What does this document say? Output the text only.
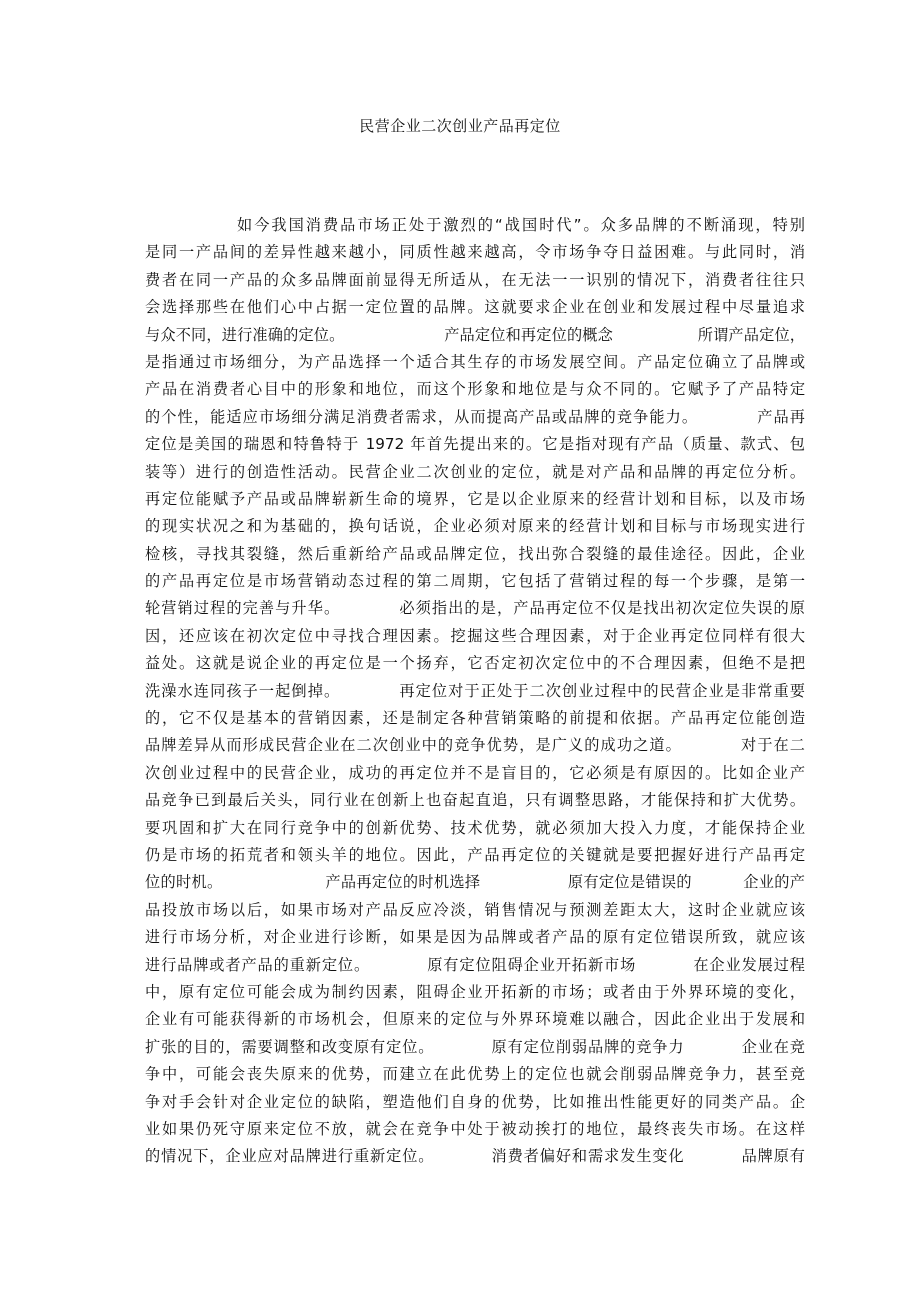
民营企业二次创业产品再定位
如今我国消费品市场正处于激烈的“战国时代”。众多品牌的不断涌现，特别
是同一产品间的差异性越来越小，同质性越来越高，令市场争夺日益困难。与此同时，消
费者在同一产品的众多品牌面前显得无所适从，在无法一一识别的情况下，消费者往往只
会选择那些在他们心中占据一定位置的品牌。这就要求企业在创业和发展过程中尽量追求
与众不同，进行准确的定位。                    产品定位和再定位的概念                 所谓产品定位，
是指通过市场细分，为产品选择一个适合其生存的市场发展空间。产品定位确立了品牌或
产品在消费者心目中的形象和地位，而这个形象和地位是与众不同的。它赋予了产品特定
的个性，能适应市场细分满足消费者需求，从而提高产品或品牌的竞争能力。          产品再
定位是美国的瑞恩和特鲁特于 1972 年首先提出来的。它是指对现有产品（质量、款式、包
装等）进行的创造性活动。民营企业二次创业的定位，就是对产品和品牌的再定位分析。
再定位能赋予产品或品牌崭新生命的境界，它是以企业原来的经营计划和目标，以及市场
的现实状况之和为基础的，换句话说，企业必须对原来的经营计划和目标与市场现实进行
检核，寻找其裂缝，然后重新给产品或品牌定位，找出弥合裂缝的最佳途径。因此，企业
的产品再定位是市场营销动态过程的第二周期，它包括了营销过程的每一个步骤，是第一
轮营销过程的完善与升华。          必须指出的是，产品再定位不仅是找出初次定位失误的原
因，还应该在初次定位中寻找合理因素。挖掘这些合理因素，对于企业再定位同样有很大
益处。这就是说企业的再定位是一个扬弃，它否定初次定位中的不合理因素，但绝不是把
洗澡水连同孩子一起倒掉。          再定位对于正处于二次创业过程中的民营企业是非常重要
的，它不仅是基本的营销因素，还是制定各种营销策略的前提和依据。产品再定位能创造
品牌差异从而形成民营企业在二次创业中的竞争优势，是广义的成功之道。          对于在二
次创业过程中的民营企业，成功的再定位并不是盲目的，它必须是有原因的。比如企业产
品竞争已到最后关头，同行业在创新上也奋起直追，只有调整思路，才能保持和扩大优势。
要巩固和扩大在同行竞争中的创新优势、技术优势，就必须加大投入力度，才能保持企业
仍是市场的拓荒者和领头羊的地位。因此，产品再定位的关键就是要把握好进行产品再定
位的时机。                    产品再定位的时机选择                 原有定位是错误的          企业的产
品投放市场以后，如果市场对产品反应冷淡，销售情况与预测差距太大，这时企业就应该
进行市场分析，对企业进行诊断，如果是因为品牌或者产品的原有定位错误所致，就应该
进行品牌或者产品的重新定位。          原有定位阻碍企业开拓新市场          在企业发展过程
中，原有定位可能会成为制约因素，阻碍企业开拓新的市场；或者由于外界环境的变化，
企业有可能获得新的市场机会，但原来的定位与外界环境难以融合，因此企业出于发展和
扩张的目的，需要调整和改变原有定位。          原有定位削弱品牌的竞争力          企业在竞
争中，可能会丧失原来的优势，而建立在此优势上的定位也就会削弱品牌竞争力，甚至竞
争对手会针对企业定位的缺陷，塑造他们自身的优势，比如推出性能更好的同类产品。企
业如果仍死守原来定位不放，就会在竞争中处于被动挨打的地位，最终丧失市场。在这样
的情况下，企业应对品牌进行重新定位。          消费者偏好和需求发生变化          品牌原有
